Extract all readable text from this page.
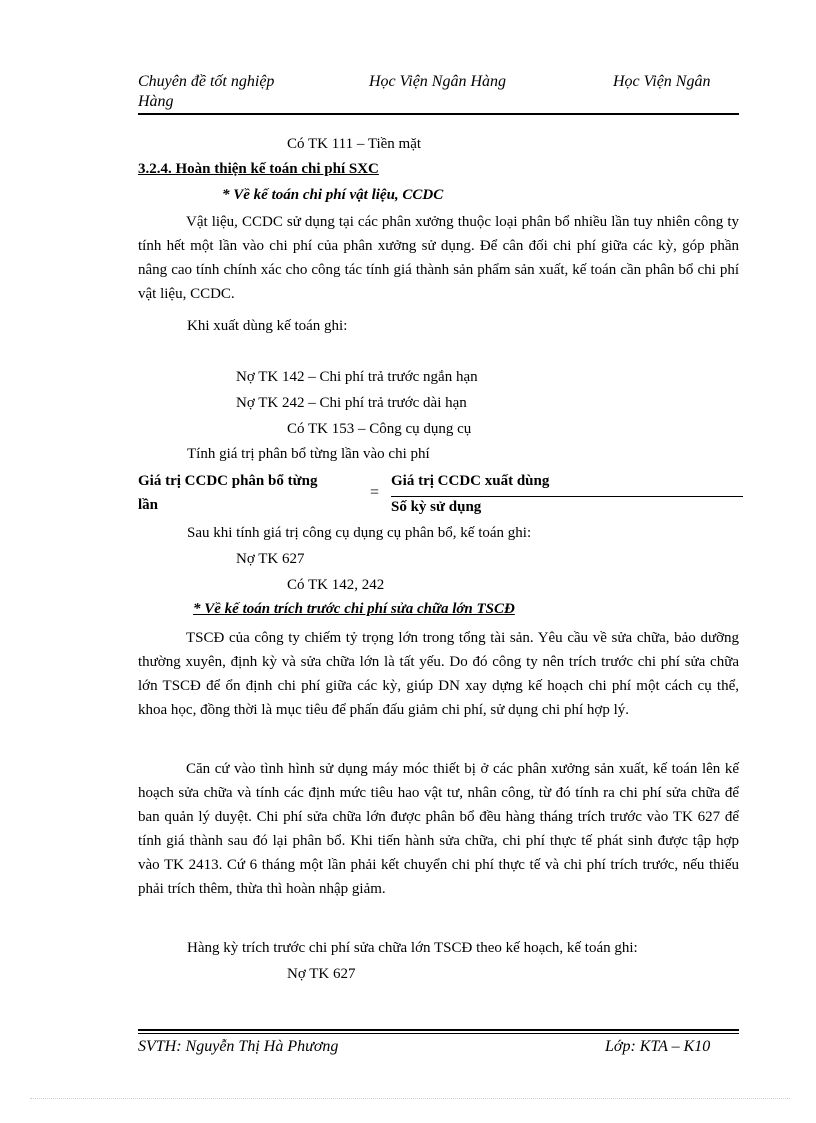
Chuyên đề tốt nghiệp
Hàng
Học Viện Ngân Hàng	Học Viện Ngân
Có TK 111 – Tiền mặt
3.2.4. Hoàn thiện kế toán chi phí SXC
* Về kế toán chi phí vật liệu, CCDC
Vật liệu, CCDC sử dụng tại các phân xưởng thuộc loại phân bổ nhiều lần tuy nhiên công ty tính hết một lần vào chi phí của phân xưởng sử dụng. Để cân đối chi phí giữa các kỳ, góp phần nâng cao tính chính xác cho công tác tính giá thành sản phẩm sản xuất, kế toán cần phân bổ chi phí vật liệu, CCDC.
Khi xuất dùng kế toán ghi:
Nợ TK 142 – Chi phí trả trước ngắn hạn
Nợ TK 242 – Chi phí trả trước dài hạn
Có TK 153 – Công cụ dụng cụ
Tính giá trị phân bổ từng lần vào chi phí
Giá trị CCDC phân bổ từng
lần
=
Giá trị CCDC xuất dùng
Số kỳ sử dụng
Sau khi tính giá trị công cụ dụng cụ phân bổ, kế toán ghi:
Nợ TK 627
Có TK 142, 242
* Về kế toán trích trước chi phí sửa chữa lớn TSCĐ
TSCĐ của công ty chiếm tỷ trọng lớn trong tổng tài sản. Yêu cầu về sửa chữa, bảo dưỡng thường xuyên, định kỳ và sửa chữa lớn là tất yếu. Do đó công ty nên trích trước chi phí sửa chữa lớn TSCĐ để ổn định chi phí giữa các kỳ, giúp DN xay dựng kế hoạch chi phí một cách cụ thể, khoa học, đồng thời là mục tiêu để phấn đấu giảm chi phí, sử dụng chi phí hợp lý.
Căn cứ vào tình hình sử dụng máy móc thiết bị ở các phân xưởng sản xuất, kế toán lên kế hoạch sửa chữa và tính các định mức tiêu hao vật tư, nhân công, từ đó tính ra chi phí sửa chữa để ban quản lý duyệt. Chi phí sửa chữa lớn được phân bổ đều hàng tháng trích trước vào TK 627 để tính giá thành sau đó lại phân bổ. Khi tiến hành sửa chữa, chi phí thực tế phát sinh được tập hợp vào TK 2413. Cứ 6 tháng một lần phải kết chuyển chi phí thực tế và chi phí trích trước, nếu thiếu phải trích thêm, thừa thì hoàn nhập giảm.
Hàng kỳ trích trước chi phí sửa chữa lớn TSCĐ theo kế hoạch, kế toán ghi:
Nợ TK 627
SVTH: Nguyễn Thị Hà Phương	Lớp: KTA – K10
